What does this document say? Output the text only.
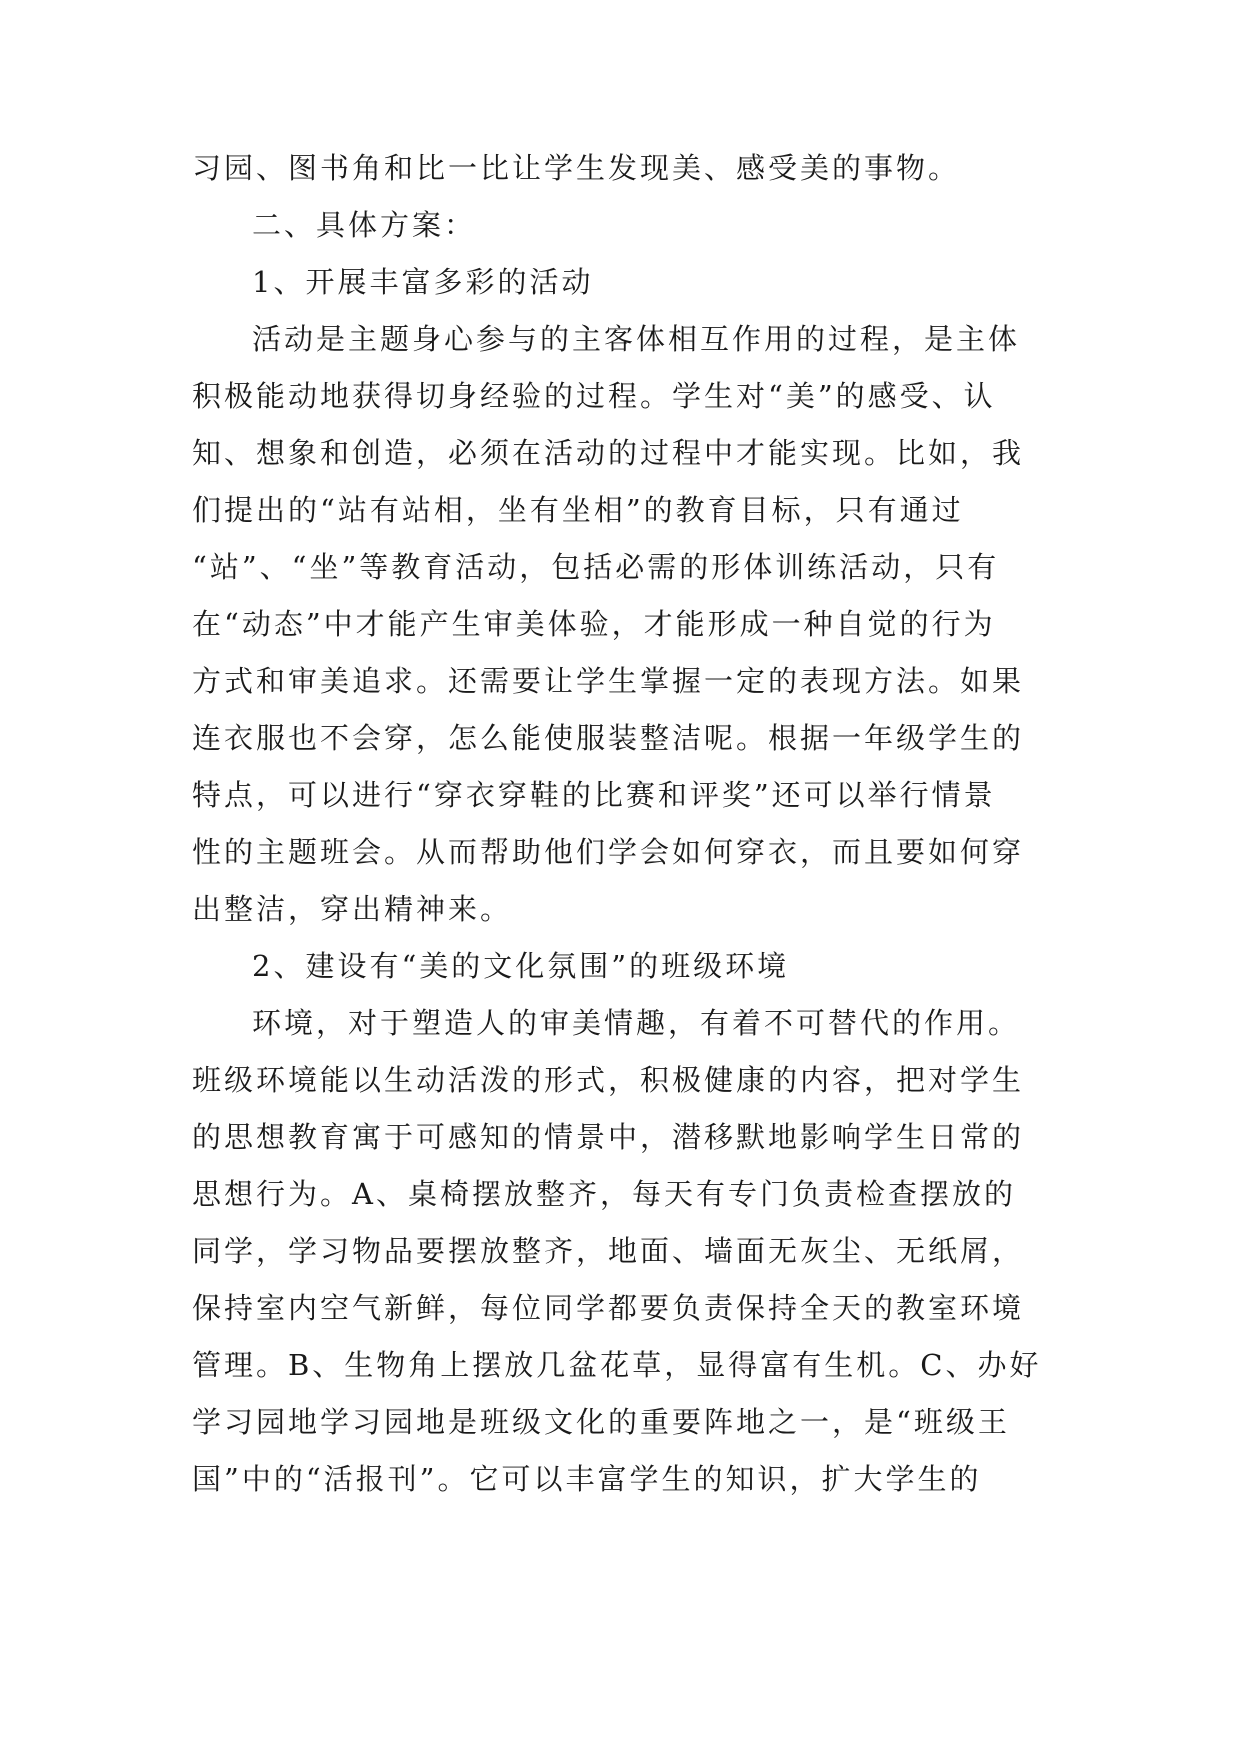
习园、图书角和比一比让学生发现美、感受美的事物。
二、具体方案：
1、开展丰富多彩的活动
活动是主题身心参与的主客体相互作用的过程，是主体
积极能动地获得切身经验的过程。学生对“美”的感受、认
知、想象和创造，必须在活动的过程中才能实现。比如，我
们提出的“站有站相，坐有坐相”的教育目标，只有通过
“站”、“坐”等教育活动，包括必需的形体训练活动，只有
在“动态”中才能产生审美体验，才能形成一种自觉的行为
方式和审美追求。还需要让学生掌握一定的表现方法。如果
连衣服也不会穿，怎么能使服装整洁呢。根据一年级学生的
特点，可以进行“穿衣穿鞋的比赛和评奖”还可以举行情景
性的主题班会。从而帮助他们学会如何穿衣，而且要如何穿
出整洁，穿出精神来。
2、建设有“美的文化氛围”的班级环境
环境，对于塑造人的审美情趣，有着不可替代的作用。
班级环境能以生动活泼的形式，积极健康的内容，把对学生
的思想教育寓于可感知的情景中，潜移默地影响学生日常的
思想行为。A、桌椅摆放整齐，每天有专门负责检查摆放的
同学，学习物品要摆放整齐，地面、墙面无灰尘、无纸屑，
保持室内空气新鲜，每位同学都要负责保持全天的教室环境
管理。B、生物角上摆放几盆花草，显得富有生机。C、办好
学习园地学习园地是班级文化的重要阵地之一，是“班级王
国”中的“活报刊”。它可以丰富学生的知识，扩大学生的
